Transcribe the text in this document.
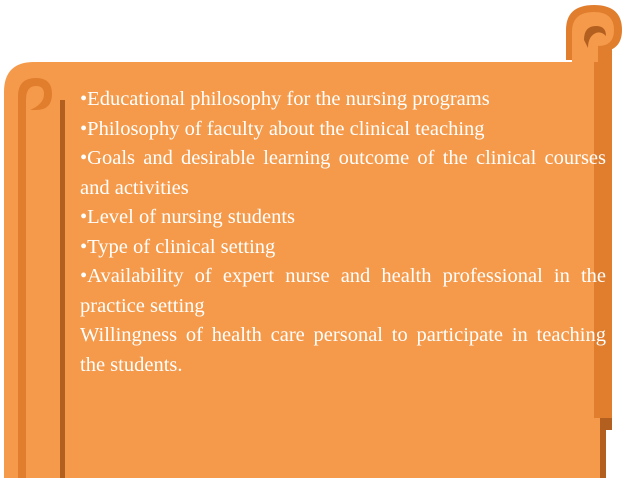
•Educational philosophy for the nursing programs

•Philosophy of faculty about the clinical teaching

•Goals and desirable learning outcome of the clinical courses and activities

•Level of nursing students

•Type of clinical setting

•Availability of expert nurse and health professional in the practice setting

Willingness of health care personal to participate in teaching the students.
